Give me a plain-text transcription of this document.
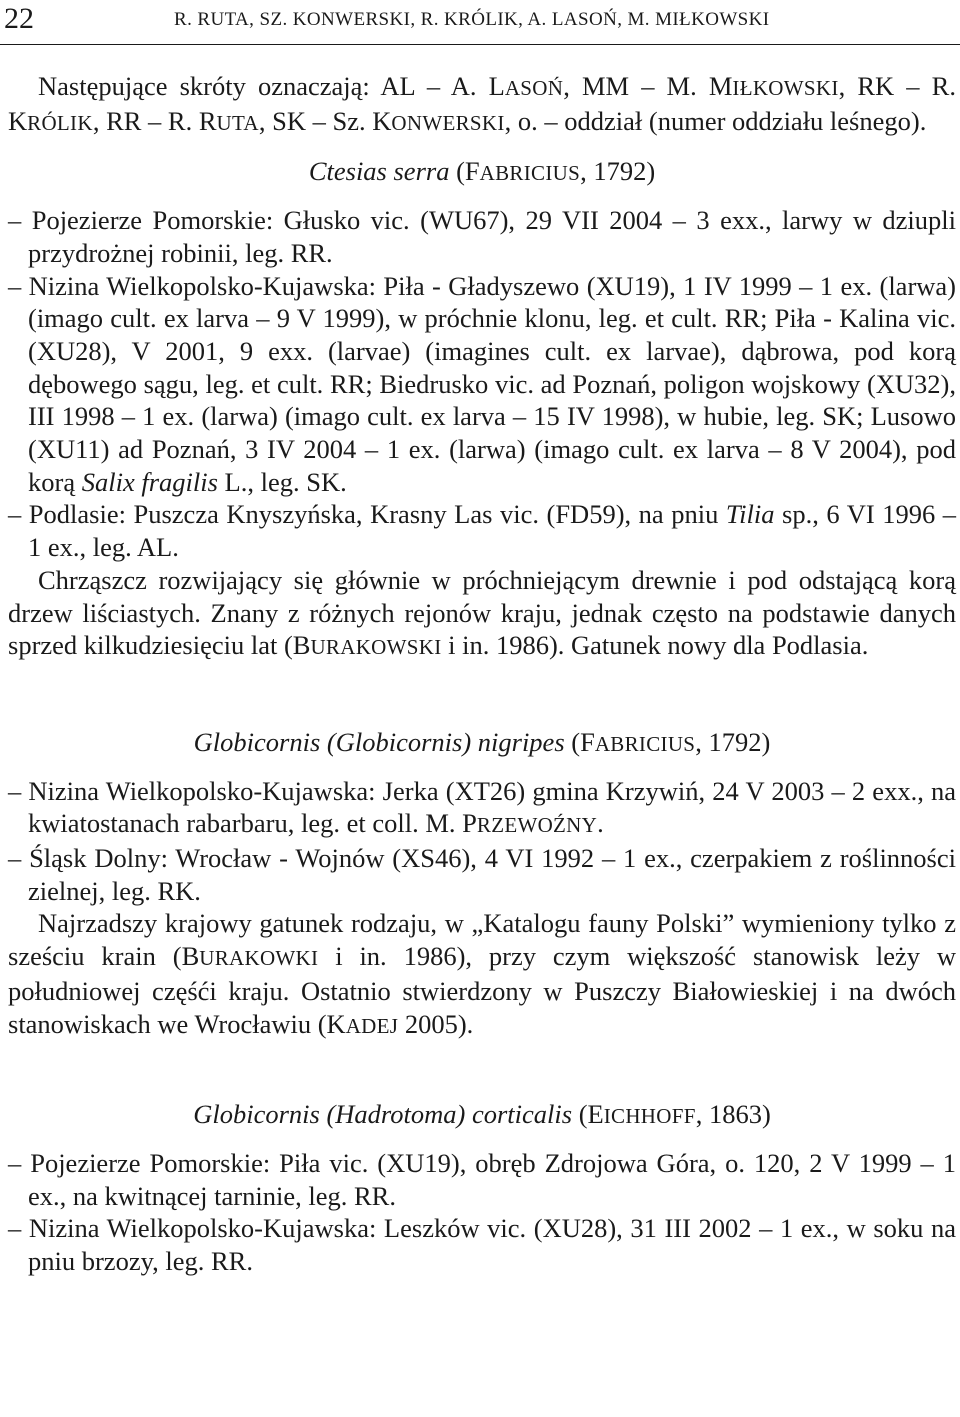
22	R. RUTA, SZ. KONWERSKI, R. KRÓLIK, A. LASOŃ, M. MIŁKOWSKI

Następujące skróty oznaczają: AL – A. LASOŃ, MM – M. MIŁKOWSKI, RK – R. KRÓLIK, RR – R. RUTA, SK – Sz. KONWERSKI, o. – oddział (numer oddziału leśnego).

Ctesias serra (FABRICIUS, 1792)

– Pojezierze Pomorskie: Głusko vic. (WU67), 29 VII 2004 – 3 exx., larwy w dziupli przydrożnej robinii, leg. RR.

– Nizina Wielkopolsko-Kujawska: Piła - Gładyszewo (XU19), 1 IV 1999 – 1 ex. (larwa) (imago cult. ex larva – 9 V 1999), w próchnie klonu, leg. et cult. RR; Piła - Kalina vic. (XU28), V 2001, 9 exx. (larvae) (imagines cult. ex larvae), dąbrowa, pod korą dębowego sągu, leg. et cult. RR; Biedrusko vic. ad Poznań, poligon wojskowy (XU32), III 1998 – 1 ex. (larwa) (imago cult. ex larva – 15 IV 1998), w hubie, leg. SK; Lusowo (XU11) ad Poznań, 3 IV 2004 – 1 ex. (larwa) (imago cult. ex larva – 8 V 2004), pod korą Salix fragilis L., leg. SK.

– Podlasie: Puszcza Knyszyńska, Krasny Las vic. (FD59), na pniu Tilia sp., 6 VI 1996 – 1 ex., leg. AL.

Chrząszcz rozwijający się głównie w próchniejącym drewnie i pod odstającą korą drzew liściastych. Znany z różnych rejonów kraju, jednak często na podstawie danych sprzed kilkudziesięciu lat (BURAKOWSKI i in. 1986). Gatunek nowy dla Podlasia.

Globicornis (Globicornis) nigripes (FABRICIUS, 1792)

– Nizina Wielkopolsko-Kujawska: Jerka (XT26) gmina Krzywiń, 24 V 2003 – 2 exx., na kwiatostanach rabarbaru, leg. et coll. M. PRZEWOŹNY.

– Śląsk Dolny: Wrocław - Wojnów (XS46), 4 VI 1992 – 1 ex., czerpakiem z roślinności zielnej, leg. RK.

Najrzadszy krajowy gatunek rodzaju, w „Katalogu fauny Polski” wymieniony tylko z sześciu krain (BURAKOWKI i in. 1986), przy czym większość stanowisk leży w południowej częśći kraju. Ostatnio stwierdzony w Puszczy Białowieskiej i na dwóch stanowiskach we Wrocławiu (KADEJ 2005).

Globicornis (Hadrotoma) corticalis (EICHHOFF, 1863)

– Pojezierze Pomorskie: Piła vic. (XU19), obręb Zdrojowa Góra, o. 120, 2 V 1999 – 1 ex., na kwitnącej tarninie, leg. RR.

– Nizina Wielkopolsko-Kujawska: Leszków vic. (XU28), 31 III 2002 – 1 ex., w soku na pniu brzozy, leg. RR.
